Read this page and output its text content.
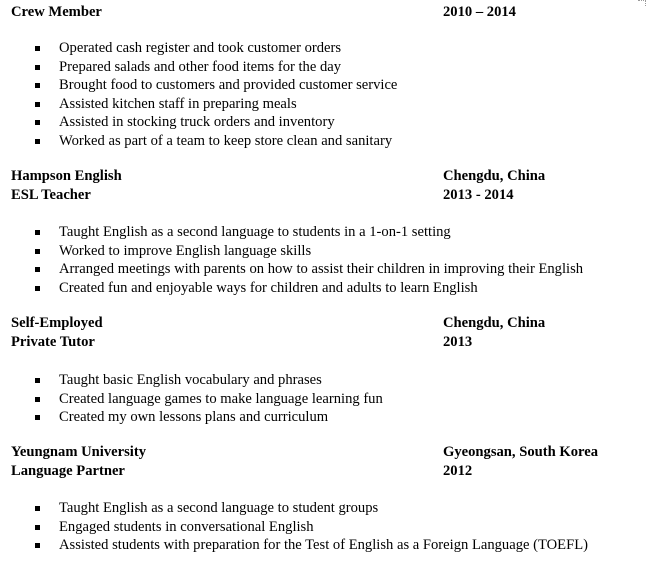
Crew Member	2010 – 2014
Operated cash register and took customer orders
Prepared salads and other food items for the day
Brought food to customers and provided customer service
Assisted kitchen staff in preparing meals
Assisted in stocking truck orders and inventory
Worked as part of a team to keep store clean and sanitary
Hampson English	Chengdu, China
ESL Teacher	2013 - 2014
Taught English as a second language to students in a 1-on-1 setting
Worked to improve English language skills
Arranged meetings with parents on how to assist their children in improving their English
Created fun and enjoyable ways for children and adults to learn English
Self-Employed	Chengdu, China
Private Tutor	2013
Taught basic English vocabulary and phrases
Created language games to make language learning fun
Created my own lessons plans and curriculum
Yeungnam University	Gyeongsan, South Korea
Language Partner	2012
Taught English as a second language to student groups
Engaged students in conversational English
Assisted students with preparation for the Test of English as a Foreign Language (TOEFL)
